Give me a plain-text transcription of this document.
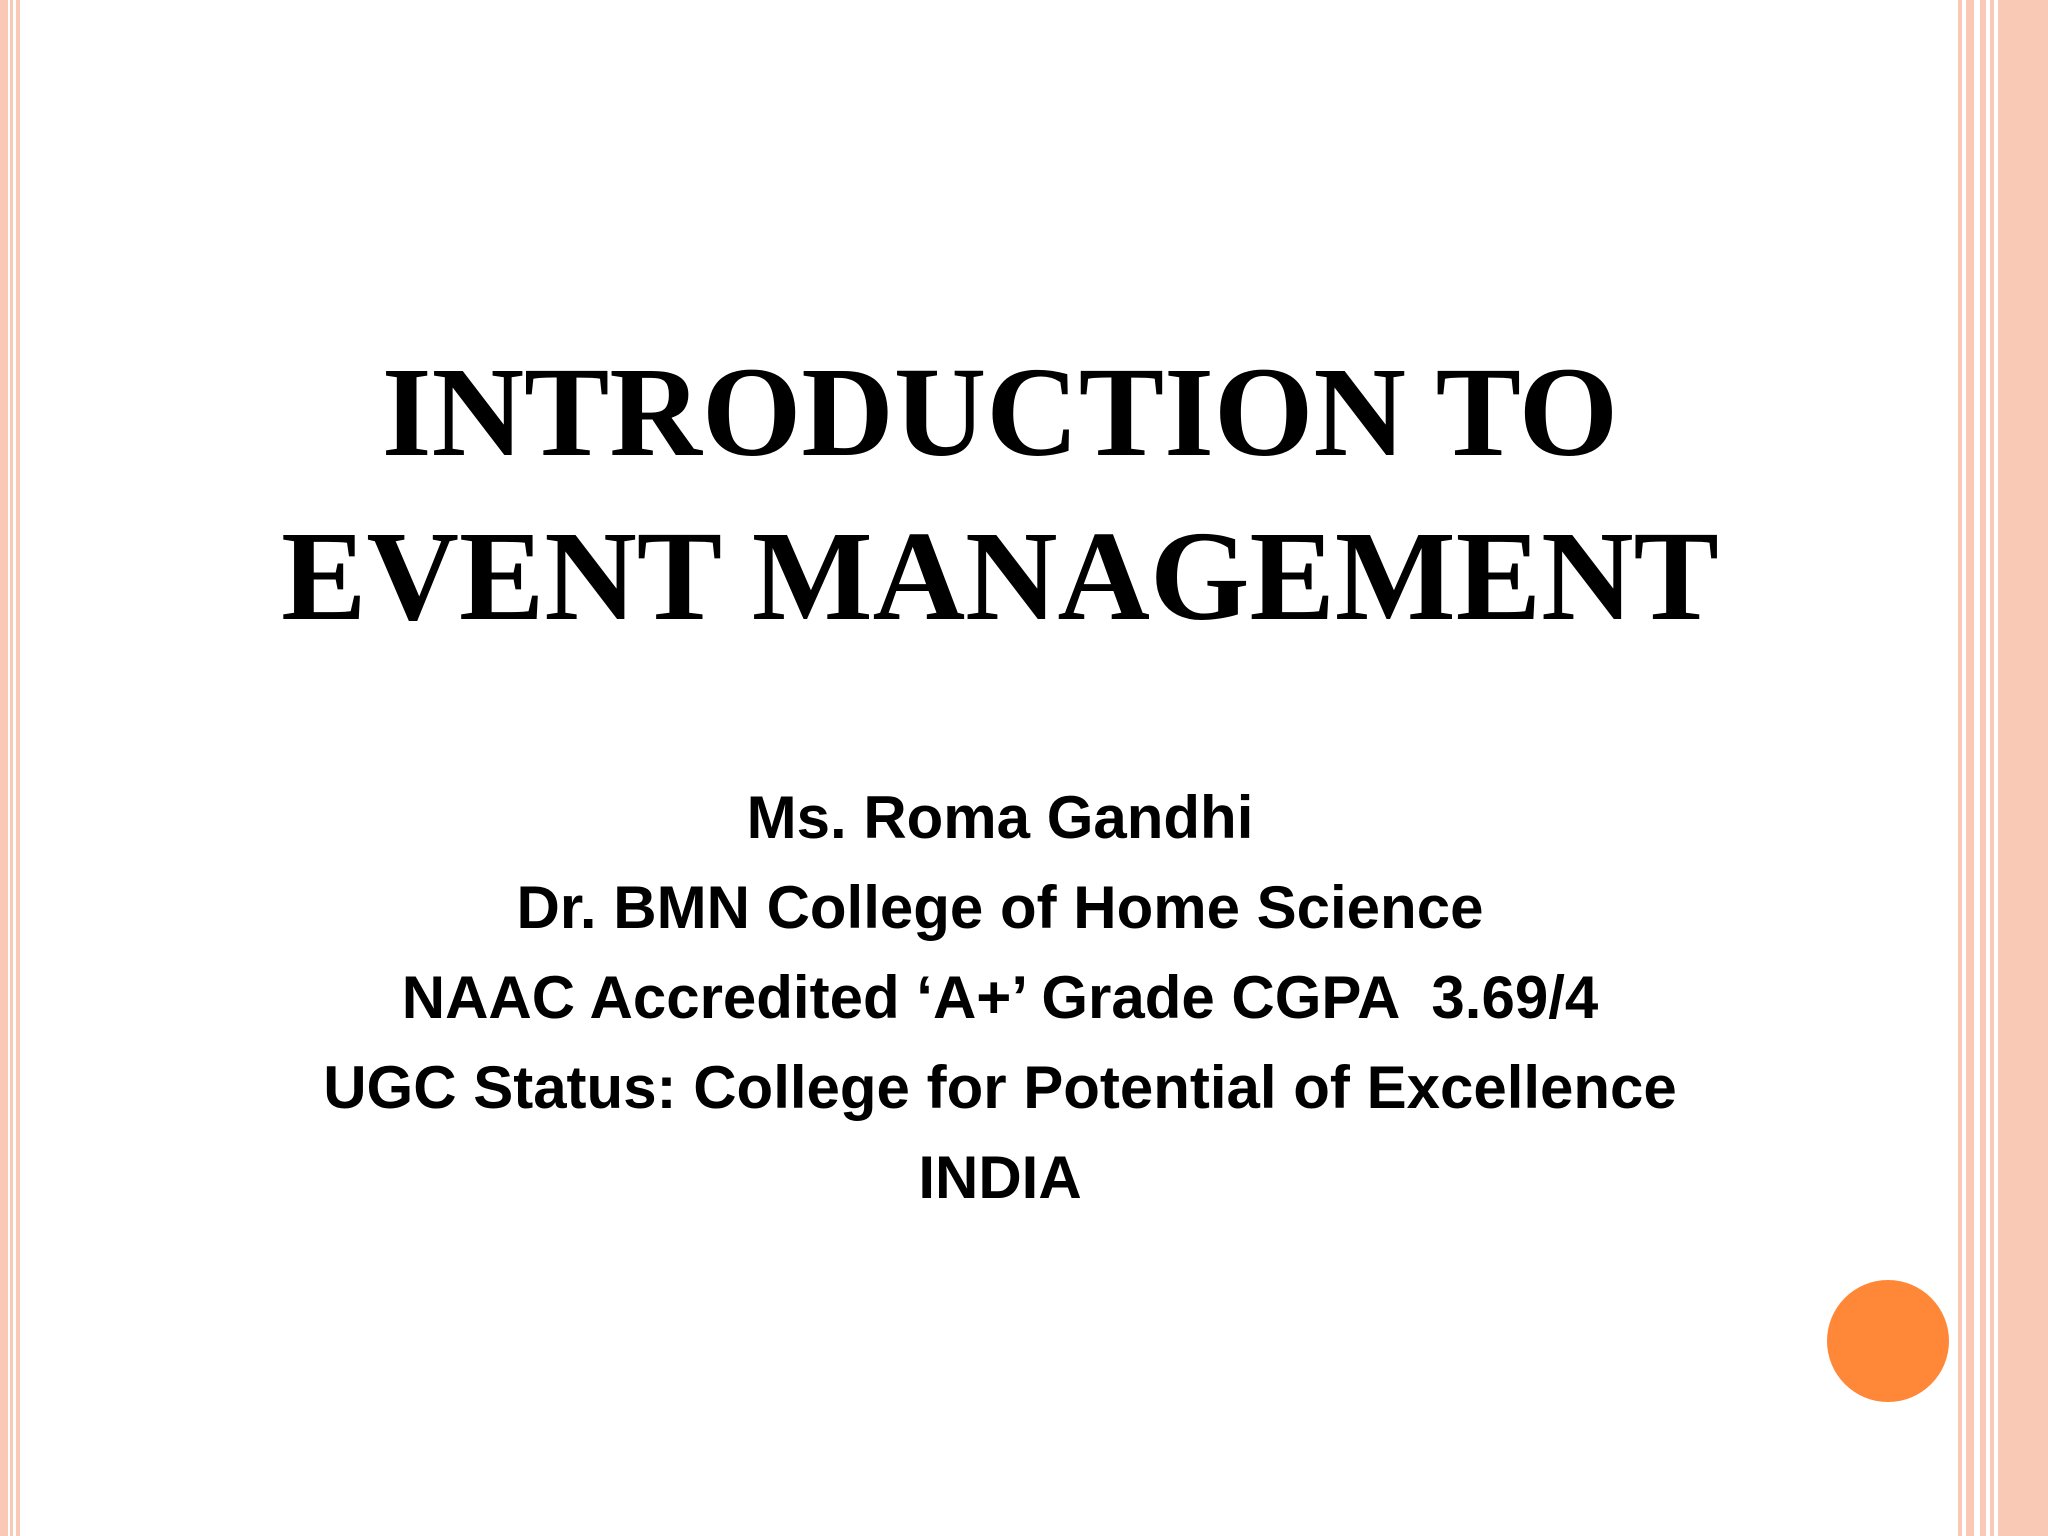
INTRODUCTION TO
EVENT MANAGEMENT
Ms. Roma Gandhi
Dr. BMN College of Home Science
NAAC Accredited ‘A+’ Grade CGPA  3.69/4
UGC Status: College for Potential of Excellence
INDIA
